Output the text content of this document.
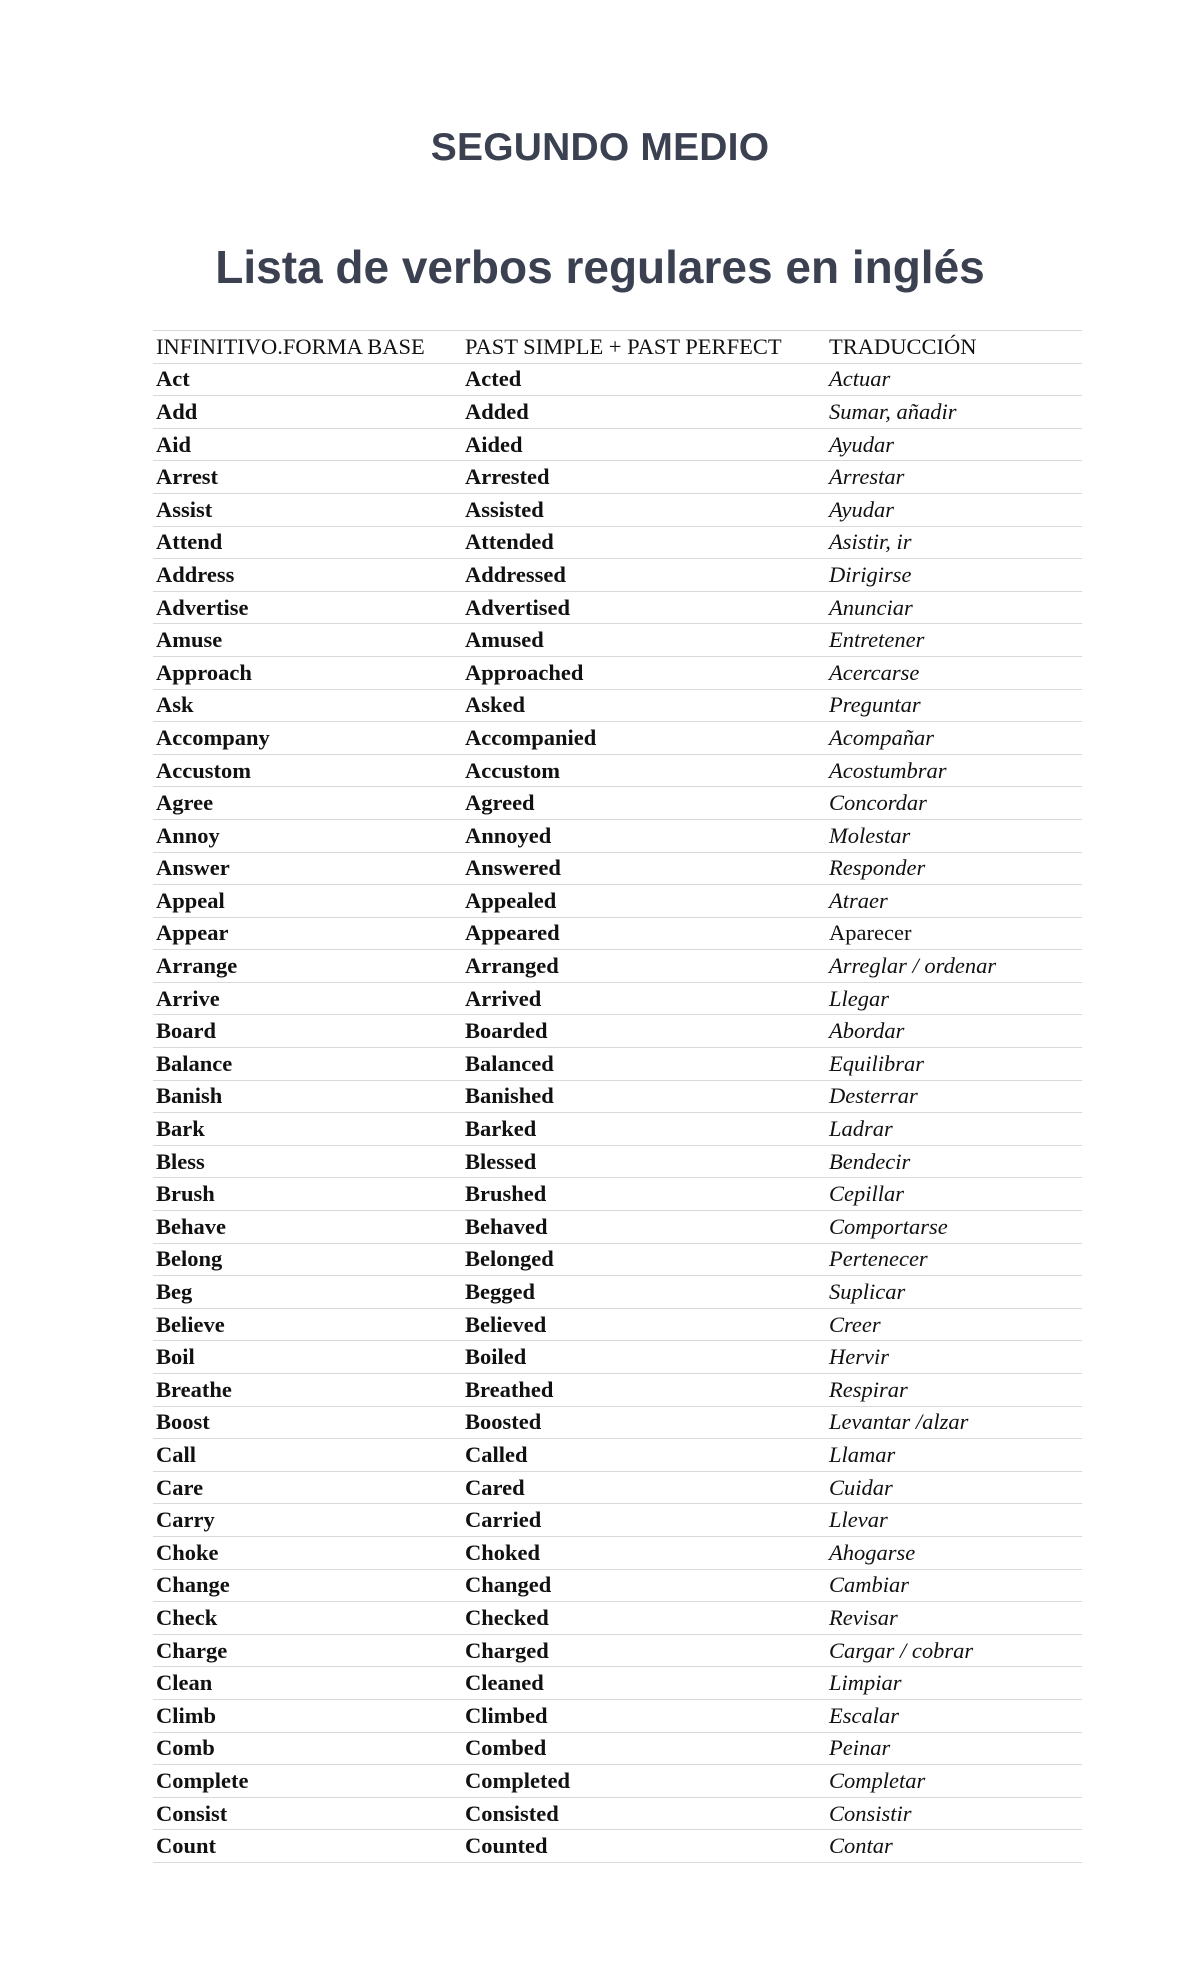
SEGUNDO MEDIO
Lista de verbos regulares en inglés
INFINITIVO.FORMA BASE	PAST SIMPLE + PAST PERFECT	TRADUCCIÓN
Act	Acted	Actuar
Add	Added	Sumar, añadir
Aid	Aided	Ayudar
Arrest	Arrested	Arrestar
Assist	Assisted	Ayudar
Attend	Attended	Asistir, ir
Address	Addressed	Dirigirse
Advertise	Advertised	Anunciar
Amuse	Amused	Entretener
Approach	Approached	Acercarse
Ask	Asked	Preguntar
Accompany	Accompanied	Acompañar
Accustom	Accustom	Acostumbrar
Agree	Agreed	Concordar
Annoy	Annoyed	Molestar
Answer	Answered	Responder
Appeal	Appealed	Atraer
Appear	Appeared	Aparecer
Arrange	Arranged	Arreglar / ordenar
Arrive	Arrived	Llegar
Board	Boarded	Abordar
Balance	Balanced	Equilibrar
Banish	Banished	Desterrar
Bark	Barked	Ladrar
Bless	Blessed	Bendecir
Brush	Brushed	Cepillar
Behave	Behaved	Comportarse
Belong	Belonged	Pertenecer
Beg	Begged	Suplicar
Believe	Believed	Creer
Boil	Boiled	Hervir
Breathe	Breathed	Respirar
Boost	Boosted	Levantar /alzar
Call	Called	Llamar
Care	Cared	Cuidar
Carry	Carried	Llevar
Choke	Choked	Ahogarse
Change	Changed	Cambiar
Check	Checked	Revisar
Charge	Charged	Cargar / cobrar
Clean	Cleaned	Limpiar
Climb	Climbed	Escalar
Comb	Combed	Peinar
Complete	Completed	Completar
Consist	Consisted	Consistir
Count	Counted	Contar
